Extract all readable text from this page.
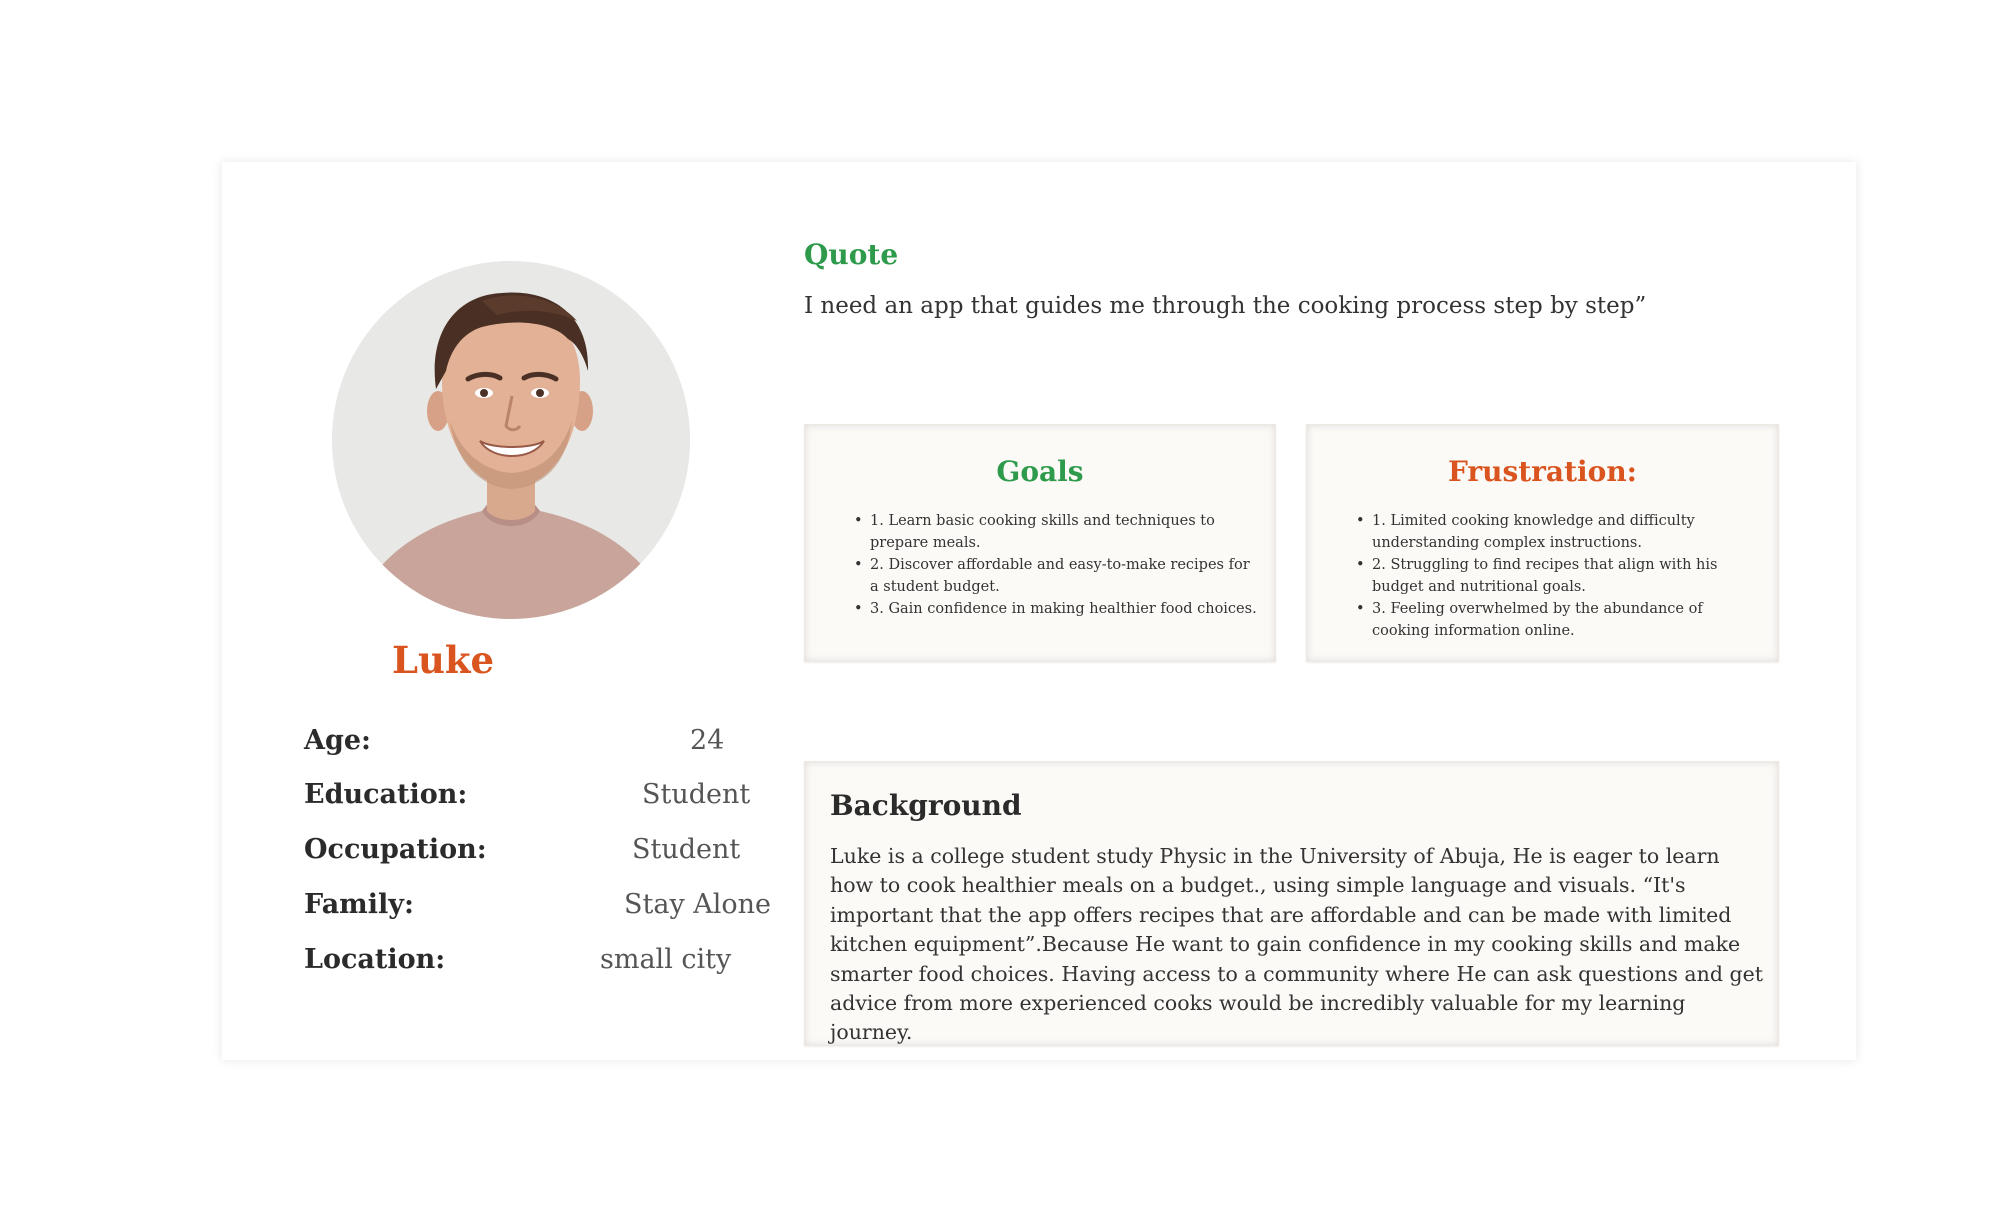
Luke
Age:	24
Education:	Student
Occupation:	Student
Family:	Stay Alone
Location:	small city
Quote
I need an app that guides me through the cooking process step by step”
Goals
• 1. Learn basic cooking skills and techniques to prepare meals.
• 2. Discover affordable and easy-to-make recipes for a student budget.
• 3. Gain confidence in making healthier food choices.
Frustration:
• 1. Limited cooking knowledge and difficulty understanding complex instructions.
• 2. Struggling to find recipes that align with his budget and nutritional goals.
• 3. Feeling overwhelmed by the abundance of cooking information online.
Background
Luke is a college student study Physic in the University of Abuja, He is eager to learn how to cook healthier meals on a budget., using simple language and visuals. “It's important that the app offers recipes that are affordable and can be made with limited kitchen equipment”.Because He want to gain confidence in my cooking skills and make smarter food choices. Having access to a community where He can ask questions and get advice from more experienced cooks would be incredibly valuable for my learning journey.
